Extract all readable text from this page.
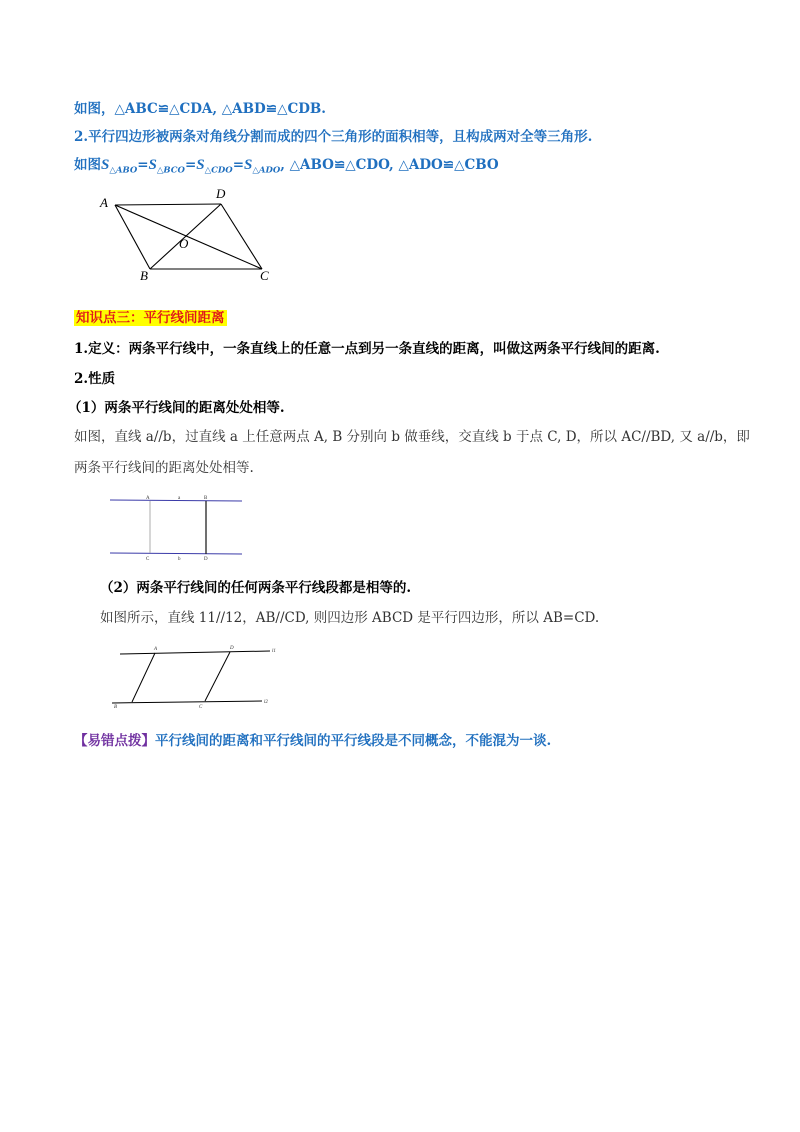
如图，△ABC≌△CDA, △ABD≌△CDB.
2.平行四边形被两条对角线分割而成的四个三角形的面积相等，且构成两对全等三角形.
如图$S_{\triangle ABO}=S_{\triangle BCO}=S_{\triangle CDO}=S_{\triangle ADO}$, △ABO≌△CDO, △ADO≌△CBO
A
D
O
B	C
知识点三：平行线间距离
1.定义：两条平行线中，一条直线上的任意一点到另一条直线的距离，叫做这两条平行线间的距离.
2.性质
（1）两条平行线间的距离处处相等.
如图，直线 a//b，过直线 a 上任意两点 A, B 分别向 b 做垂线，交直线 b 于点 C, D，所以 AC//BD, 又 a//b，即
两条平行线间的距离处处相等.
A	a	B
C	b	D
（2）两条平行线间的任何两条平行线段都是相等的.
如图所示，直线 11//12，AB//CD, 则四边形 ABCD 是平行四边形，所以 AB=CD.
A	D
l1
B	C
l2
【易错点拨】平行线间的距离和平行线间的平行线段是不同概念，不能混为一谈.
